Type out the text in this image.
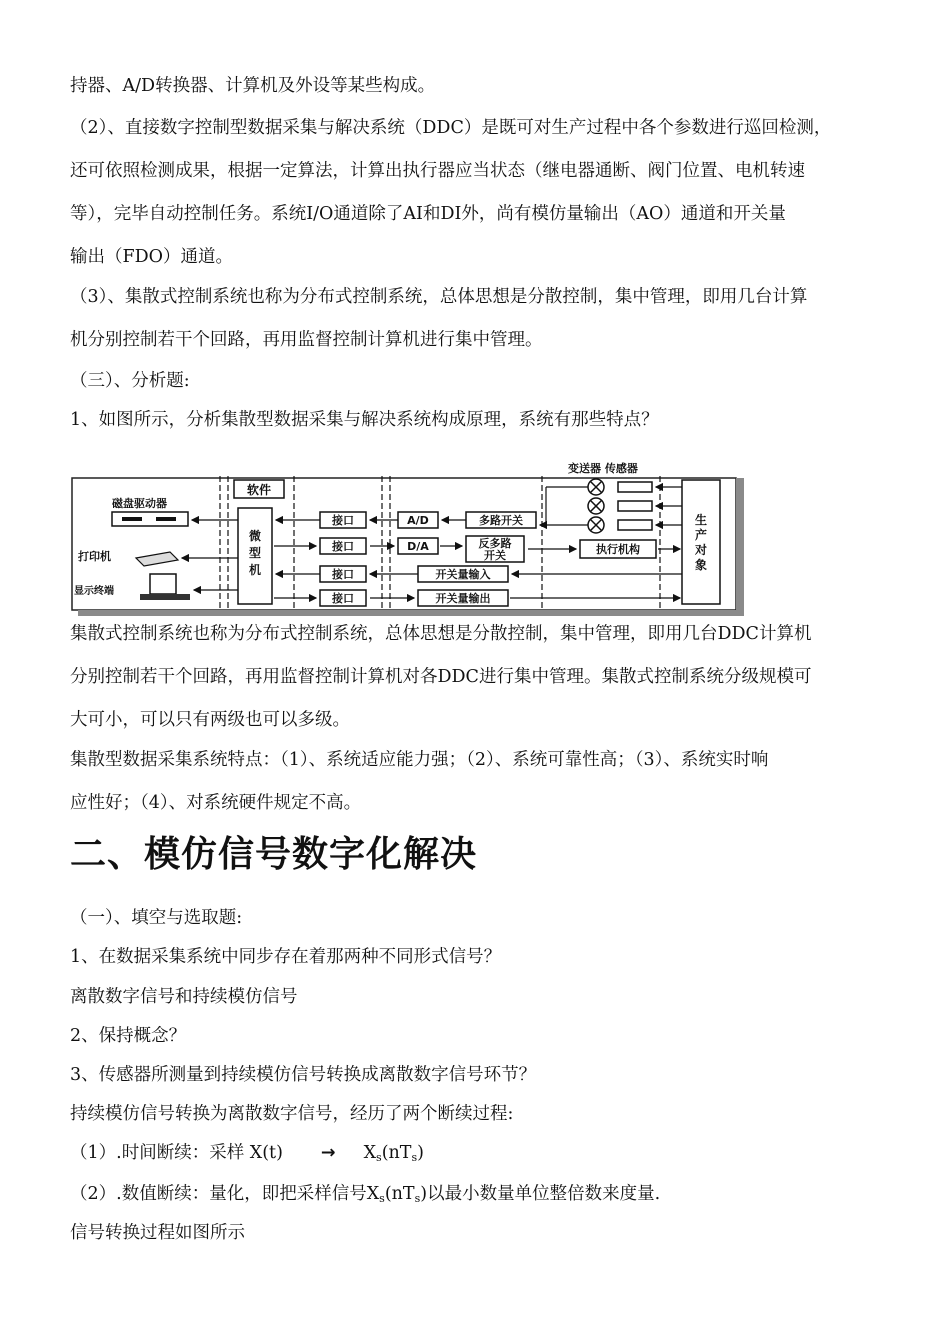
持器、A/D转换器、计算机及外设等某些构成。
（2）、直接数字控制型数据采集与解决系统（DDC）是既可对生产过程中各个参数进行巡回检测，
还可依照检测成果，根据一定算法，计算出执行器应当状态（继电器通断、阀门位置、电机转速
等），完毕自动控制任务。系统I/O通道除了AI和DI外，尚有模仿量输出（AO）通道和开关量
输出（FDO）通道。
（3）、集散式控制系统也称为分布式控制系统，总体思想是分散控制，集中管理，即用几台计算
机分别控制若干个回路，再用监督控制计算机进行集中管理。
（三）、分析题:
1、如图所示，分析集散型数据采集与解决系统构成原理，系统有那些特点？
软件
磁盘驱动器
打印机
显示终端
微
型
机
接口
接口
接口
接口
A/D
D/A
多路开关
反多路
开关
开关量输入
开关量输出
变送器 传感器
执行机构
生
产
对
象
集散式控制系统也称为分布式控制系统，总体思想是分散控制，集中管理，即用几台DDC计算机
分别控制若干个回路，再用监督控制计算机对各DDC进行集中管理。集散式控制系统分级规模可
大可小，可以只有两级也可以多级。
集散型数据采集系统特点：（1）、系统适应能力强；（2）、系统可靠性高；（3）、系统实时响
应性好；（4）、对系统硬件规定不高。
二、模仿信号数字化解决
（一）、填空与选取题:
1、在数据采集系统中同步存在着那两种不同形式信号？
离散数字信号和持续模仿信号
2、保持概念？
3、传感器所测量到持续模仿信号转换成离散数字信号环节？
持续模仿信号转换为离散数字信号，经历了两个断续过程:
（1）.时间断续：采样 $X(t) \to X_s(nT_s)$
（2）.数值断续：量化，即把采样信号$X_s(nT_s)$以最小数量单位整倍数来度量.
信号转换过程如图所示
